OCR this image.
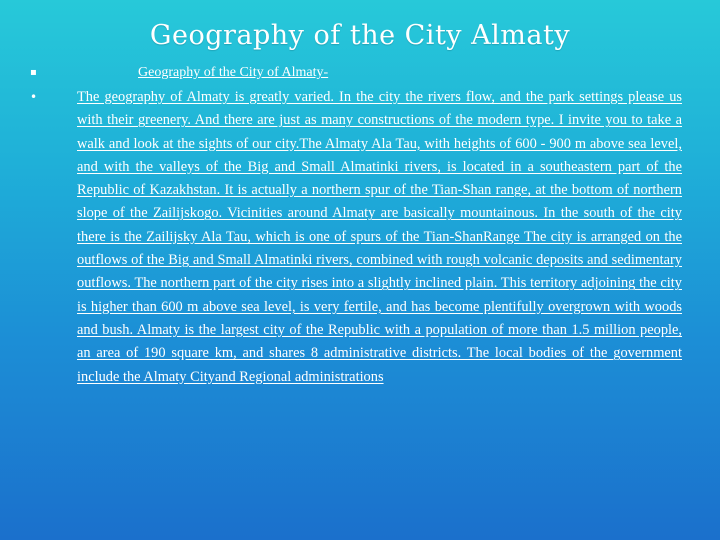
Geography of the City Almaty
▪	Geography of the City of Almaty-
•	The geography of Almaty is greatly varied. In the city the rivers flow, and the park settings please us with their greenery. And there are just as many constructions of the modern type. I invite you to take a walk and look at the sights of our city.The Almaty Ala Tau, with heights of 600 - 900 m above sea level, and with the valleys of the Big and Small Almatinki rivers, is located in a southeastern part of the Republic of Kazakhstan. It is actually a northern spur of the Tian-Shan range, at the bottom of northern slope of the Zailijskogo. Vicinities around Almaty are basically mountainous. In the south of the city there is the Zailijsky Ala Tau, which is one of spurs of the Tian-ShanRange The city is arranged on the outflows of the Big and Small Almatinki rivers, combined with rough volcanic deposits and sedimentary outflows. The northern part of the city rises into a slightly inclined plain. This territory adjoining the city is higher than 600 m above sea level, is very fertile, and has become plentifully overgrown with woods and bush. Almaty is the largest city of the Republic with a population of more than 1.5 million people, an area of 190 square km, and shares 8 administrative districts. The local bodies of the government include the Almaty Cityand Regional administrations
